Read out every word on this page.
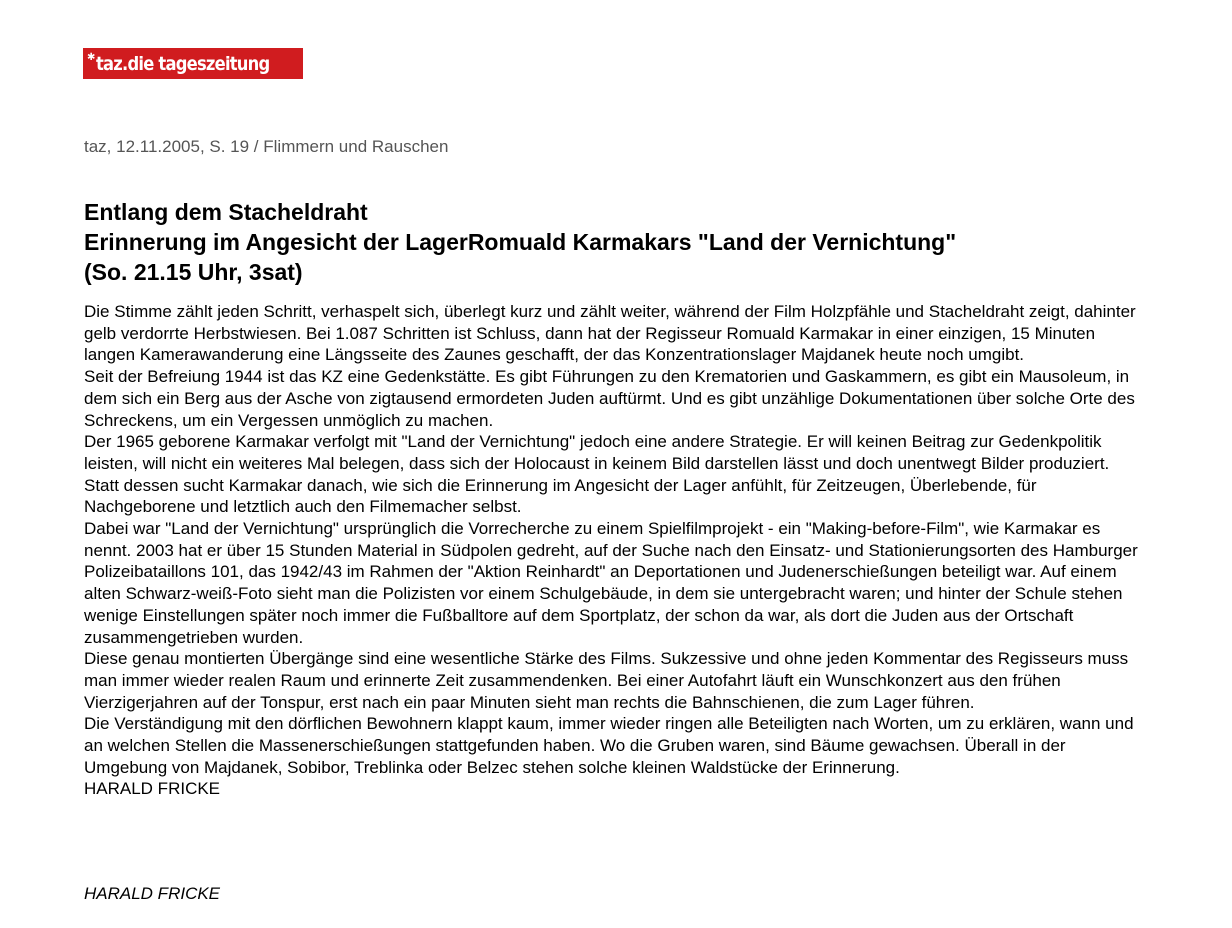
✱ taz.die tageszeitung
taz, 12.11.2005, S. 19 / Flimmern und Rauschen
Entlang dem Stacheldraht
Erinnerung im Angesicht der LagerRomuald Karmakars "Land der Vernichtung"
(So. 21.15 Uhr, 3sat)

Die Stimme zählt jeden Schritt, verhaspelt sich, überlegt kurz und zählt weiter, während der Film Holzpfähle und Stacheldraht zeigt, dahinter gelb verdorrte Herbstwiesen. Bei 1.087 Schritten ist Schluss, dann hat der Regisseur Romuald Karmakar in einer einzigen, 15 Minuten langen Kamerawanderung eine Längsseite des Zaunes geschafft, der das Konzentrationslager Majdanek heute noch umgibt.

Seit der Befreiung 1944 ist das KZ eine Gedenkstätte. Es gibt Führungen zu den Krematorien und Gaskammern, es gibt ein Mausoleum, in dem sich ein Berg aus der Asche von zigtausend ermordeten Juden auftürmt. Und es gibt unzählige Dokumentationen über solche Orte des Schreckens, um ein Vergessen unmöglich zu machen.

Der 1965 geborene Karmakar verfolgt mit "Land der Vernichtung" jedoch eine andere Strategie. Er will keinen Beitrag zur Gedenkpolitik leisten, will nicht ein weiteres Mal belegen, dass sich der Holocaust in keinem Bild darstellen lässt und doch unentwegt Bilder produziert. Statt dessen sucht Karmakar danach, wie sich die Erinnerung im Angesicht der Lager anfühlt, für Zeitzeugen, Überlebende, für Nachgeborene und letztlich auch den Filmemacher selbst.

Dabei war "Land der Vernichtung" ursprünglich die Vorrecherche zu einem Spielfilmprojekt - ein "Making-before-Film", wie Karmakar es nennt. 2003 hat er über 15 Stunden Material in Südpolen gedreht, auf der Suche nach den Einsatz- und Stationierungsorten des Hamburger Polizeibataillons 101, das 1942/43 im Rahmen der "Aktion Reinhardt" an Deportationen und Judenerschießungen beteiligt war. Auf einem alten Schwarz-weiß-Foto sieht man die Polizisten vor einem Schulgebäude, in dem sie untergebracht waren; und hinter der Schule stehen wenige Einstellungen später noch immer die Fußballtore auf dem Sportplatz, der schon da war, als dort die Juden aus der Ortschaft zusammengetrieben wurden.

Diese genau montierten Übergänge sind eine wesentliche Stärke des Films. Sukzessive und ohne jeden Kommentar des Regisseurs muss man immer wieder realen Raum und erinnerte Zeit zusammendenken. Bei einer Autofahrt läuft ein Wunschkonzert aus den frühen Vierzigerjahren auf der Tonspur, erst nach ein paar Minuten sieht man rechts die Bahnschienen, die zum Lager führen.

Die Verständigung mit den dörflichen Bewohnern klappt kaum, immer wieder ringen alle Beteiligten nach Worten, um zu erklären, wann und an welchen Stellen die Massenerschießungen stattgefunden haben. Wo die Gruben waren, sind Bäume gewachsen. Überall in der Umgebung von Majdanek, Sobibor, Treblinka oder Belzec stehen solche kleinen Waldstücke der Erinnerung.

HARALD FRICKE
HARALD FRICKE
